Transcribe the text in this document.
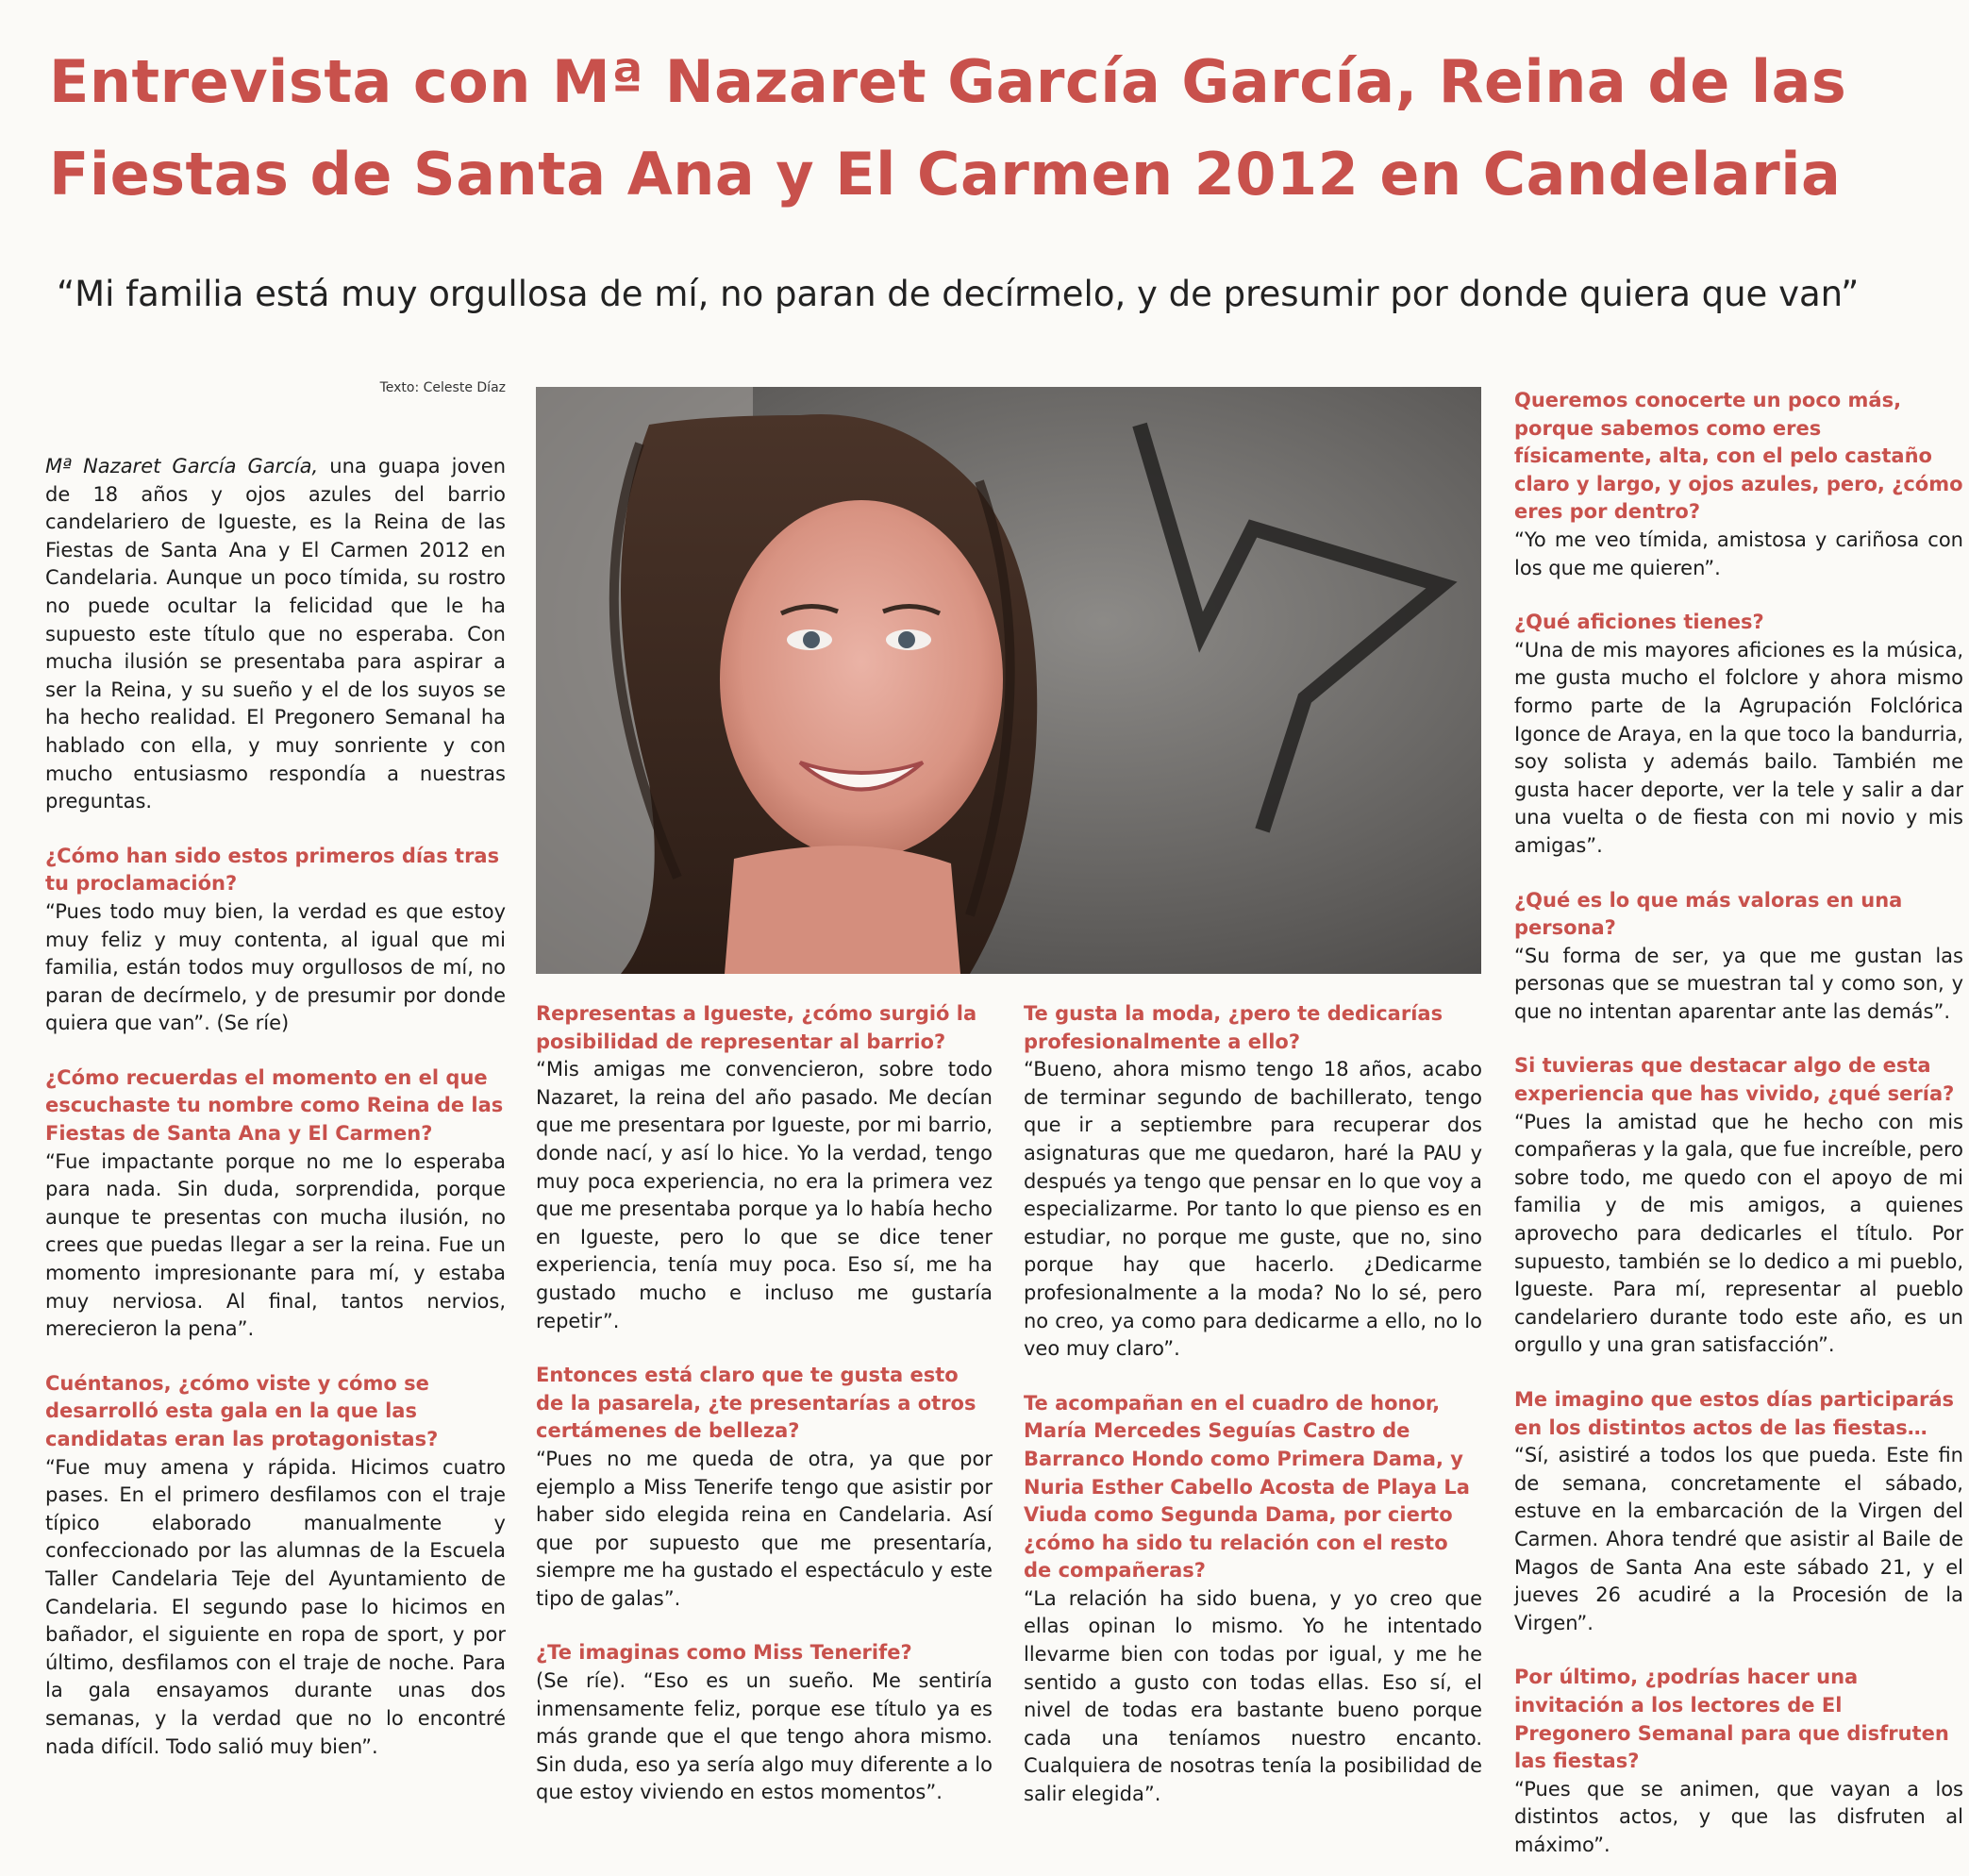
Entrevista con Mª Nazaret García García, Reina de las
Fiestas de Santa Ana y El Carmen 2012 en Candelaria

“Mi familia está muy orgullosa de mí, no paran de decírmelo, y de presumir por donde quiera que van”

Texto: Celeste Díaz

Mª Nazaret García García, una guapa joven de 18 años y ojos azules del barrio candelariero de Igueste, es la Reina de las Fiestas de Santa Ana y El Carmen 2012 en Candelaria. Aunque un poco tímida, su rostro no puede ocultar la felicidad que le ha supuesto este título que no esperaba. Con mucha ilusión se presentaba para aspirar a ser la Reina, y su sueño y el de los suyos se ha hecho realidad. El Pregonero Semanal ha hablado con ella, y muy sonriente y con mucho entusiasmo respondía a nuestras preguntas.

¿Cómo han sido estos primeros días tras tu proclamación?

“Pues todo muy bien, la verdad es que estoy muy feliz y muy contenta, al igual que mi familia, están todos muy orgullosos de mí, no paran de decírmelo, y de presumir por donde quiera que van”. (Se ríe)

¿Cómo recuerdas el momento en el que escuchaste tu nombre como Reina de las Fiestas de Santa Ana y El Carmen?

“Fue impactante porque no me lo esperaba para nada. Sin duda, sorprendida, porque aunque te presentas con mucha ilusión, no crees que puedas llegar a ser la reina. Fue un momento impresionante para mí, y estaba muy nerviosa. Al final, tantos nervios, merecieron la pena”.

Cuéntanos, ¿cómo viste y cómo se desarrolló esta gala en la que las candidatas eran las protagonistas?

“Fue muy amena y rápida. Hicimos cuatro pases. En el primero desfilamos con el traje típico elaborado manualmente y confeccionado por las alumnas de la Escuela Taller Candelaria Teje del Ayuntamiento de Candelaria. El segundo pase lo hicimos en bañador, el siguiente en ropa de sport, y por último, desfilamos con el traje de noche. Para la gala ensayamos durante unas dos semanas, y la verdad que no lo encontré nada difícil. Todo salió muy bien”.

Representas a Igueste, ¿cómo surgió la posibilidad de representar al barrio?

“Mis amigas me convencieron, sobre todo Nazaret, la reina del año pasado. Me decían que me presentara por Igueste, por mi barrio, donde nací, y así lo hice. Yo la verdad, tengo muy poca experiencia, no era la primera vez que me presentaba porque ya lo había hecho en Igueste, pero lo que se dice tener experiencia, tenía muy poca. Eso sí, me ha gustado mucho e incluso me gustaría repetir”.

Entonces está claro que te gusta esto de la pasarela, ¿te presentarías a otros certámenes de belleza?

“Pues no me queda de otra, ya que por ejemplo a Miss Tenerife tengo que asistir por haber sido elegida reina en Candelaria. Así que por supuesto que me presentaría, siempre me ha gustado el espectáculo y este tipo de galas”.

¿Te imaginas como Miss Tenerife?

(Se ríe). “Eso es un sueño. Me sentiría inmensamente feliz, porque ese título ya es más grande que el que tengo ahora mismo. Sin duda, eso ya sería algo muy diferente a lo que estoy viviendo en estos momentos”.

Te gusta la moda, ¿pero te dedicarías profesionalmente a ello?

“Bueno, ahora mismo tengo 18 años, acabo de terminar segundo de bachillerato, tengo que ir a septiembre para recuperar dos asignaturas que me quedaron, haré la PAU y después ya tengo que pensar en lo que voy a especializarme. Por tanto lo que pienso es en estudiar, no porque me guste, que no, sino porque hay que hacerlo. ¿Dedicarme profesionalmente a la moda? No lo sé, pero no creo, ya como para dedicarme a ello, no lo veo muy claro”.

Te acompañan en el cuadro de honor, María Mercedes Seguías Castro de Barranco Hondo como Primera Dama, y Nuria Esther Cabello Acosta de Playa La Viuda como Segunda Dama, por cierto ¿cómo ha sido tu relación con el resto de compañeras?

“La relación ha sido buena, y yo creo que ellas opinan lo mismo. Yo he intentado llevarme bien con todas por igual, y me he sentido a gusto con todas ellas. Eso sí, el nivel de todas era bastante bueno porque cada una teníamos nuestro encanto. Cualquiera de nosotras tenía la posibilidad de salir elegida”.

Queremos conocerte un poco más, porque sabemos como eres físicamente, alta, con el pelo castaño claro y largo, y ojos azules, pero, ¿cómo eres por dentro?

“Yo me veo tímida, amistosa y cariñosa con los que me quieren”.

¿Qué aficiones tienes?

“Una de mis mayores aficiones es la música, me gusta mucho el folclore y ahora mismo formo parte de la Agrupación Folclórica Igonce de Araya, en la que toco la bandurria, soy solista y además bailo. También me gusta hacer deporte, ver la tele y salir a dar una vuelta o de fiesta con mi novio y mis amigas”.

¿Qué es lo que más valoras en una persona?

“Su forma de ser, ya que me gustan las personas que se muestran tal y como son, y que no intentan aparentar ante las demás”.

Si tuvieras que destacar algo de esta experiencia que has vivido, ¿qué sería?

“Pues la amistad que he hecho con mis compañeras y la gala, que fue increíble, pero sobre todo, me quedo con el apoyo de mi familia y de mis amigos, a quienes aprovecho para dedicarles el título. Por supuesto, también se lo dedico a mi pueblo, Igueste. Para mí, representar al pueblo candelariero durante todo este año, es un orgullo y una gran satisfacción”.

Me imagino que estos días participarás en los distintos actos de las fiestas…

“Sí, asistiré a todos los que pueda. Este fin de semana, concretamente el sábado, estuve en la embarcación de la Virgen del Carmen. Ahora tendré que asistir al Baile de Magos de Santa Ana este sábado 21, y el jueves 26 acudiré a la Procesión de la Virgen”.

Por último, ¿podrías hacer una invitación a los lectores de El Pregonero Semanal para que disfruten las fiestas?

“Pues que se animen, que vayan a los distintos actos, y que las disfruten al máximo”.
